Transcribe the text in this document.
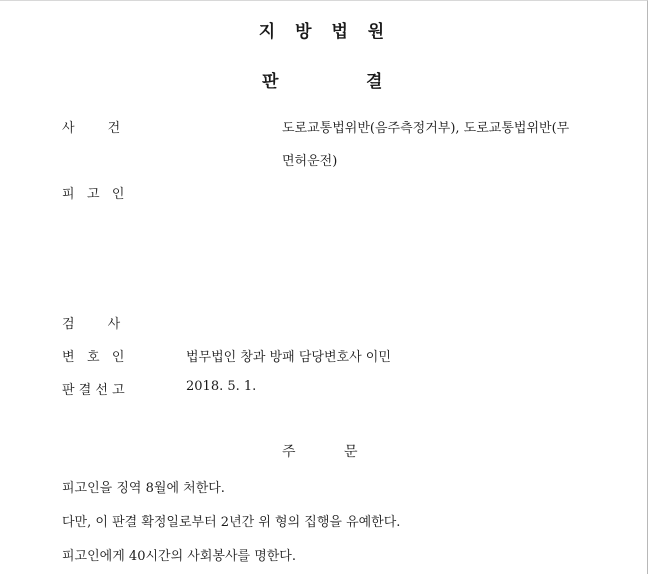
지 방 법 원
판	결
사        건	도로교통법위반(음주측정거부), 도로교통법위반(무
면허운전)
피   고   인
검        사
변   호   인	법무법인 창과 방패 담당변호사 이민
판 결 선 고	2018. 5. 1.
주	문
피고인을 징역 8월에 처한다.
다만, 이 판결 확정일로부터 2년간 위 형의 집행을 유예한다.
피고인에게 40시간의 사회봉사를 명한다.
